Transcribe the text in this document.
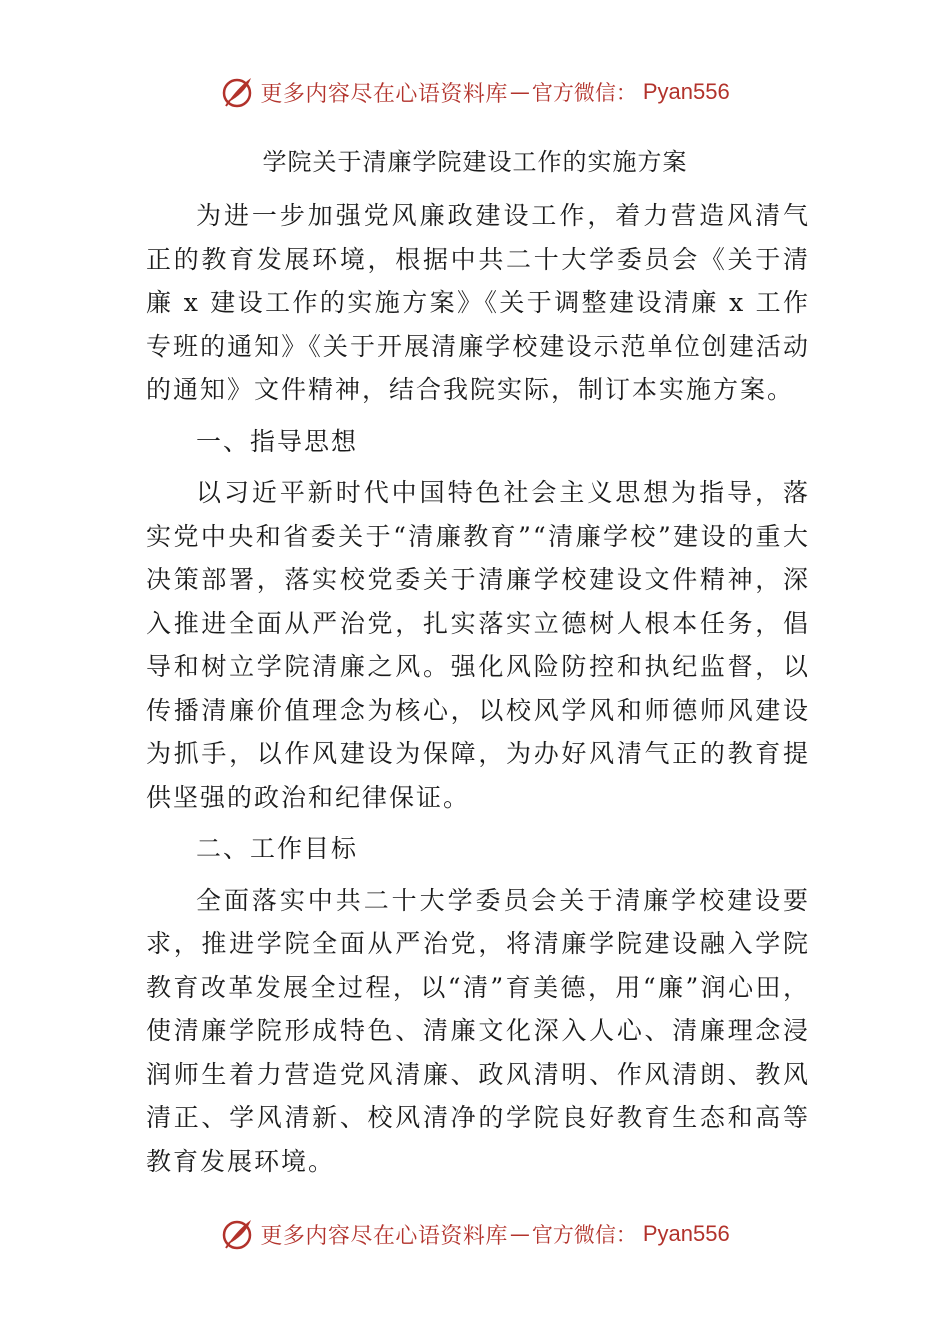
更多内容尽在心语资料库 — 官方微信： Pyan556
学院关于清廉学院建设工作的实施方案

为进一步加强党风廉政建设工作，着力营造风清气正的教育发展环境，根据中共二十大学委员会《关于清廉 x 建设工作的实施方案》《关于调整建设清廉 x 工作专班的通知》《关于开展清廉学校建设示范单位创建活动的通知》文件精神，结合我院实际，制订本实施方案。

一、指导思想

以习近平新时代中国特色社会主义思想为指导，落实党中央和省委关于“清廉教育”“清廉学校”建设的重大决策部署，落实校党委关于清廉学校建设文件精神，深入推进全面从严治党，扎实落实立德树人根本任务，倡导和树立学院清廉之风。强化风险防控和执纪监督，以传播清廉价值理念为核心，以校风学风和师德师风建设为抓手，以作风建设为保障，为办好风清气正的教育提供坚强的政治和纪律保证。

二、工作目标

全面落实中共二十大学委员会关于清廉学校建设要求，推进学院全面从严治党，将清廉学院建设融入学院教育改革发展全过程，以“清”育美德，用“廉”润心田，使清廉学院形成特色、清廉文化深入人心、清廉理念浸润师生着力营造党风清廉、政风清明、作风清朗、教风清正、学风清新、校风清净的学院良好教育生态和高等教育发展环境。

更多内容尽在心语资料库 — 官方微信： Pyan556
